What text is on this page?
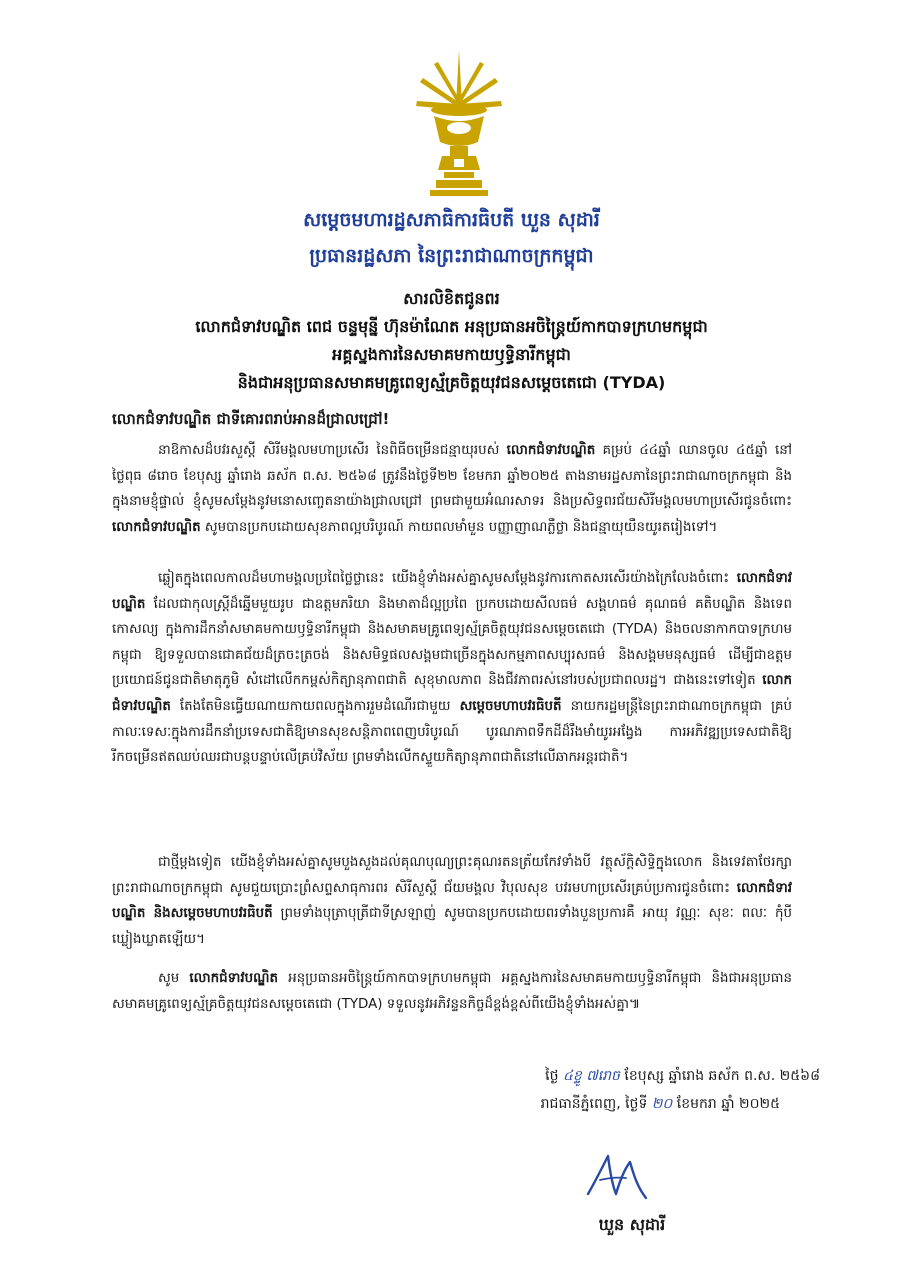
សម្តេចមហារដ្ឋសភាធិការធិបតី ឃួន សុដារី
ប្រធានរដ្ឋសភា នៃព្រះរាជាណាចក្រកម្ពុជា
សារលិខិតជូនពរ
លោកជំទាវបណ្ឌិត ពេជ ចន្ទមុន្នី ហ៊ុនម៉ាណែត អនុប្រធានអចិន្ត្រៃយ៍កាកបាទក្រហមកម្ពុជា
អគ្គស្នងការនៃសមាគមកាយឫទ្ធិនារីកម្ពុជា
និងជាអនុប្រធានសមាគមគ្រូពេទ្យស្ម័គ្រចិត្តយុវជនសម្តេចតេជោ (TYDA)
លោកជំទាវបណ្ឌិត ជាទីគោរពរាប់អានដ៏ជ្រាលជ្រៅ!
នាឱកាសដ៏បវរសួស្តី សិរីមង្គលមហាប្រសើរ នៃពិធីចម្រើនជន្មាយុរបស់ លោកជំទាវបណ្ឌិត គម្រប់ ៤៤ឆ្នាំ ឈានចូល ៤៥ឆ្នាំ នៅថ្ងៃពុធ ៨រោច ខែបុស្ស ឆ្នាំរោង ឆស័ក ព.ស. ២៥៦៨ ត្រូវនឹងថ្ងៃទី២២ ខែមករា ឆ្នាំ២០២៥ តាងនាមរដ្ឋសភានៃព្រះរាជាណាចក្រកម្ពុជា និងក្នុងនាមខ្ញុំផ្ទាល់ ខ្ញុំសូមសម្តែងនូវមនោសញ្ចេតនាយ៉ាងជ្រាលជ្រៅ ព្រមជាមួយអំណរសាទរ និងប្រសិទ្ធពរជ័យសិរីមង្គលមហាប្រសើរជូនចំពោះ លោកជំទាវបណ្ឌិត សូមបានប្រកបដោយសុខភាពល្អបរិបូរណ៍ កាយពលមាំមួន បញ្ញាញាណភ្លឺថ្លា និងជន្មាយុយឺនយូរតរៀងទៅ។
ឆ្លៀតក្នុងពេលកាលដ៏មហាមង្គលប្រពៃថ្លៃថ្លានេះ យើងខ្ញុំទាំងអស់គ្នាសូមសម្តែងនូវការកោតសរសើរយ៉ាងក្រៃលែងចំពោះ លោកជំទាវបណ្ឌិត ដែលជាកុលស្ត្រីដ៏ឆ្នើមមួយរូប ជាឧត្តមភរិយា និងមាតាដ៏ល្អប្រពៃ ប្រកបដោយសីលធម៌ សង្គហធម៌ គុណធម៌ គតិបណ្ឌិត និងទេពកោសល្យ ក្នុងការដឹកនាំសមាគមកាយឫទ្ធិនារីកម្ពុជា និងសមាគមគ្រូពេទ្យស្ម័គ្រចិត្តយុវជនសម្តេចតេជោ (TYDA) និងចលនាកាកបាទក្រហមកម្ពុជា ឱ្យទទួលបានជោគជ័យដ៏ត្រចះត្រចង់ និងសមិទ្ធផលសង្គមជាច្រើនក្នុងសកម្មភាពសប្បុរសធម៌ និងសង្គមមនុស្សធម៌ ដើម្បីជាឧត្តមប្រយោជន៍ជូនជាតិមាតុភូមិ សំដៅលើកកម្ពស់កិត្យានុភាពជាតិ សុខុមាលភាព និងជីវភាពរស់នៅរបស់ប្រជាពលរដ្ឋ។ ជាងនេះទៅទៀត លោកជំទាវបណ្ឌិត តែងតែមិនធ្វើយណាយកាយពលក្នុងការរួមដំណើរជាមួយ សម្តេចមហាបវរធិបតី នាយករដ្ឋមន្ត្រីនៃព្រះរាជាណាចក្រកម្ពុជា គ្រប់កាលៈទេសៈក្នុងការដឹកនាំប្រទេសជាតិឱ្យមានសុខសន្តិភាពពេញបរិបូរណ៍ បូរណភាពទឹកដីដ៏រឹងមាំយូរអង្វែង ការអភិវឌ្ឍប្រទេសជាតិឱ្យរីកចម្រើនឥតឈប់ឈរជាបន្តបន្ទាប់លើគ្រប់វិស័យ ព្រមទាំងលើកស្ទួយកិត្យានុភាពជាតិនៅលើឆាកអន្តរជាតិ។
ជាថ្មីម្តងទៀត យើងខ្ញុំទាំងអស់គ្នាសូមបួងសួងដល់គុណបុណ្យព្រះគុណរតនត្រ័យកែវទាំងបី វត្ថុស័ក្តិសិទ្ធិក្នុងលោក និងទេវតាថែរក្សាព្រះរាជាណាចក្រកម្ពុជា សូមជួយប្រោះព្រំសព្ទសាធុការពរ សិរីសួស្តី ជ័យមង្គល វិបុលសុខ បវរមហាប្រសើរគ្រប់ប្រការជូនចំពោះ លោកជំទាវបណ្ឌិត និងសម្តេចមហាបវរធិបតី ព្រមទាំងបុត្រាបុត្រីជាទីស្រឡាញ់ សូមបានប្រកបដោយពរទាំងបួនប្រការគឺ អាយុ វណ្ណៈ សុខៈ ពលៈ កុំបីឃ្លៀងឃ្លាតឡើយ។
សូម លោកជំទាវបណ្ឌិត អនុប្រធានអចិន្ត្រៃយ៍កាកបាទក្រហមកម្ពុជា អគ្គស្នងការនៃសមាគមកាយឫទ្ធិនារីកម្ពុជា និងជាអនុប្រធានសមាគមគ្រូពេទ្យស្ម័គ្រចិត្តយុវជនសម្តេចតេជោ (TYDA) ទទួលនូវអភិវន្ទនកិច្ចដ៏ខ្ពង់ខ្ពស់ពីយើងខ្ញុំទាំងអស់គ្នា៕
ថ្ងៃ ៤ខ្ទូ ៧រោច ខែបុស្ស ឆ្នាំរោង ឆស័ក ព.ស. ២៥៦៨
រាជធានីភ្នំពេញ, ថ្ងៃទី ២០ ខែមករា ឆ្នាំ ២០២៥
ឃួន សុដារី
